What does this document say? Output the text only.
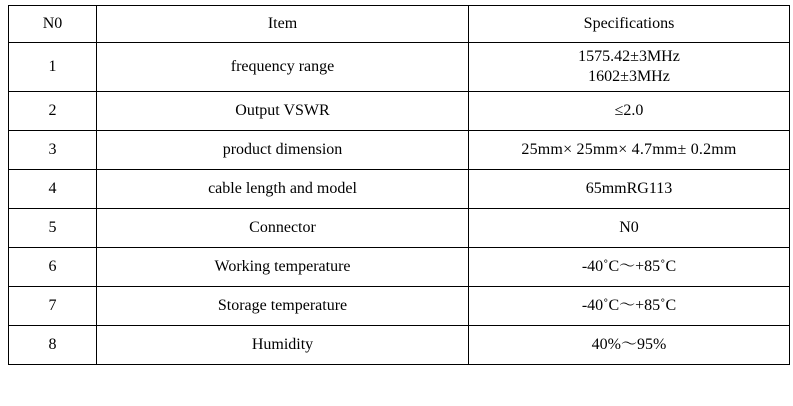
N0	Item	Specifications
1	frequency range	1575.42±3MHz
1602±3MHz

2	Output VSWR	≤2.0
3	product dimension	25mm× 25mm× 4.7mm± 0.2mm
4	cable length and model	65mmRG113
5	Connector	N0
6	Working temperature	-40˚C～+85˚C
7	Storage temperature	-40˚C～+85˚C
8	Humidity	40%～95%
